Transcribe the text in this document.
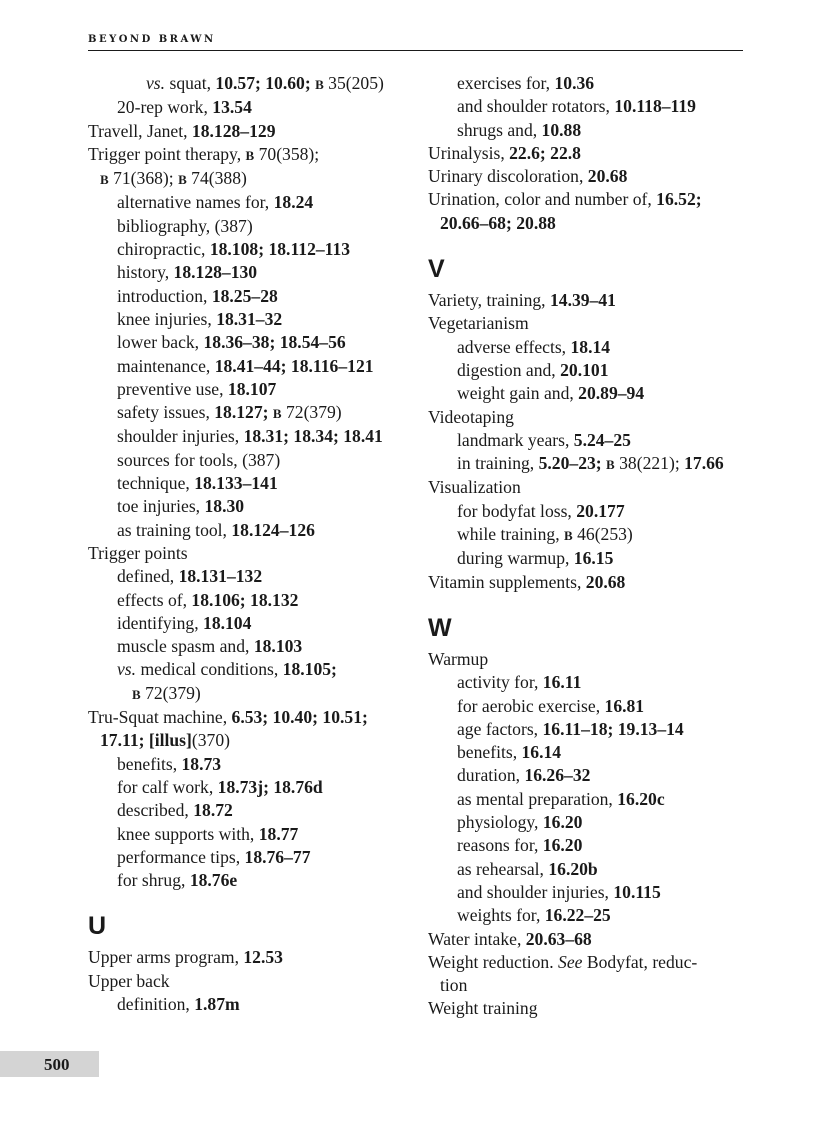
BEYOND BRAWN
vs. squat, 10.57; 10.60; B 35(205)
20-rep work, 13.54
Travell, Janet, 18.128–129
Trigger point therapy, B 70(358);
B 71(368); B 74(388)
alternative names for, 18.24
bibliography, (387)
chiropractic, 18.108; 18.112–113
history, 18.128–130
introduction, 18.25–28
knee injuries, 18.31–32
lower back, 18.36–38; 18.54–56
maintenance, 18.41–44; 18.116–121
preventive use, 18.107
safety issues, 18.127; B 72(379)
shoulder injuries, 18.31; 18.34; 18.41
sources for tools, (387)
technique, 18.133–141
toe injuries, 18.30
as training tool, 18.124–126
Trigger points
defined, 18.131–132
effects of, 18.106; 18.132
identifying, 18.104
muscle spasm and, 18.103
vs. medical conditions, 18.105;
B 72(379)
Tru-Squat machine, 6.53; 10.40; 10.51;
17.11; [illus](370)
benefits, 18.73
for calf work, 18.73j; 18.76d
described, 18.72
knee supports with, 18.77
performance tips, 18.76–77
for shrug, 18.76e
U
Upper arms program, 12.53
Upper back
definition, 1.87m
exercises for, 10.36
and shoulder rotators, 10.118–119
shrugs and, 10.88
Urinalysis, 22.6; 22.8
Urinary discoloration, 20.68
Urination, color and number of, 16.52;
20.66–68; 20.88
V
Variety, training, 14.39–41
Vegetarianism
adverse effects, 18.14
digestion and, 20.101
weight gain and, 20.89–94
Videotaping
landmark years, 5.24–25
in training, 5.20–23; B 38(221); 17.66
Visualization
for bodyfat loss, 20.177
while training, B 46(253)
during warmup, 16.15
Vitamin supplements, 20.68
W
Warmup
activity for, 16.11
for aerobic exercise, 16.81
age factors, 16.11–18; 19.13–14
benefits, 16.14
duration, 16.26–32
as mental preparation, 16.20c
physiology, 16.20
reasons for, 16.20
as rehearsal, 16.20b
and shoulder injuries, 10.115
weights for, 16.22–25
Water intake, 20.63–68
Weight reduction. See Bodyfat, reduc-
tion
Weight training
500
